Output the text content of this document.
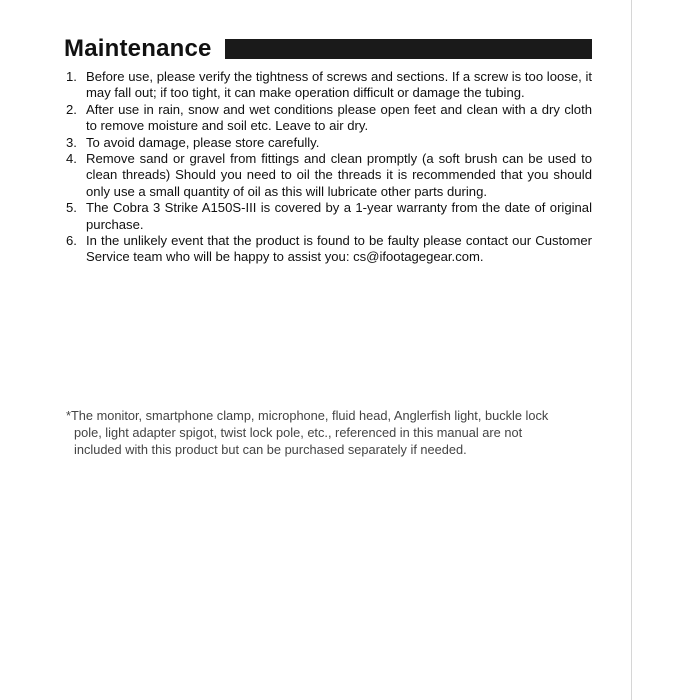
Maintenance
1. Before use, please verify the tightness of screws and sections. If a screw is too loose, it may fall out; if too tight, it can make operation difficult or damage the tubing.
2. After use in rain, snow and wet conditions please open feet and clean with a dry cloth to remove moisture and soil etc. Leave to air dry.
3. To avoid damage, please store carefully.
4. Remove sand or gravel from fittings and clean promptly (a soft brush can be used to clean threads) Should you need to oil the threads it is recommended that you should only use a small quantity of oil as this will lubricate other parts during.
5. The Cobra 3 Strike A150S-III is covered by a 1-year warranty from the date of original purchase.
6. In the unlikely event that the product is found to be faulty please contact our Customer Service team who will be happy to assist you: cs@ifootagegear.com.
*The monitor, smartphone clamp, microphone, fluid head, Anglerfish light, buckle lock
pole, light adapter spigot, twist lock pole, etc., referenced in this manual are not
included with this product but can be purchased separately if needed.
